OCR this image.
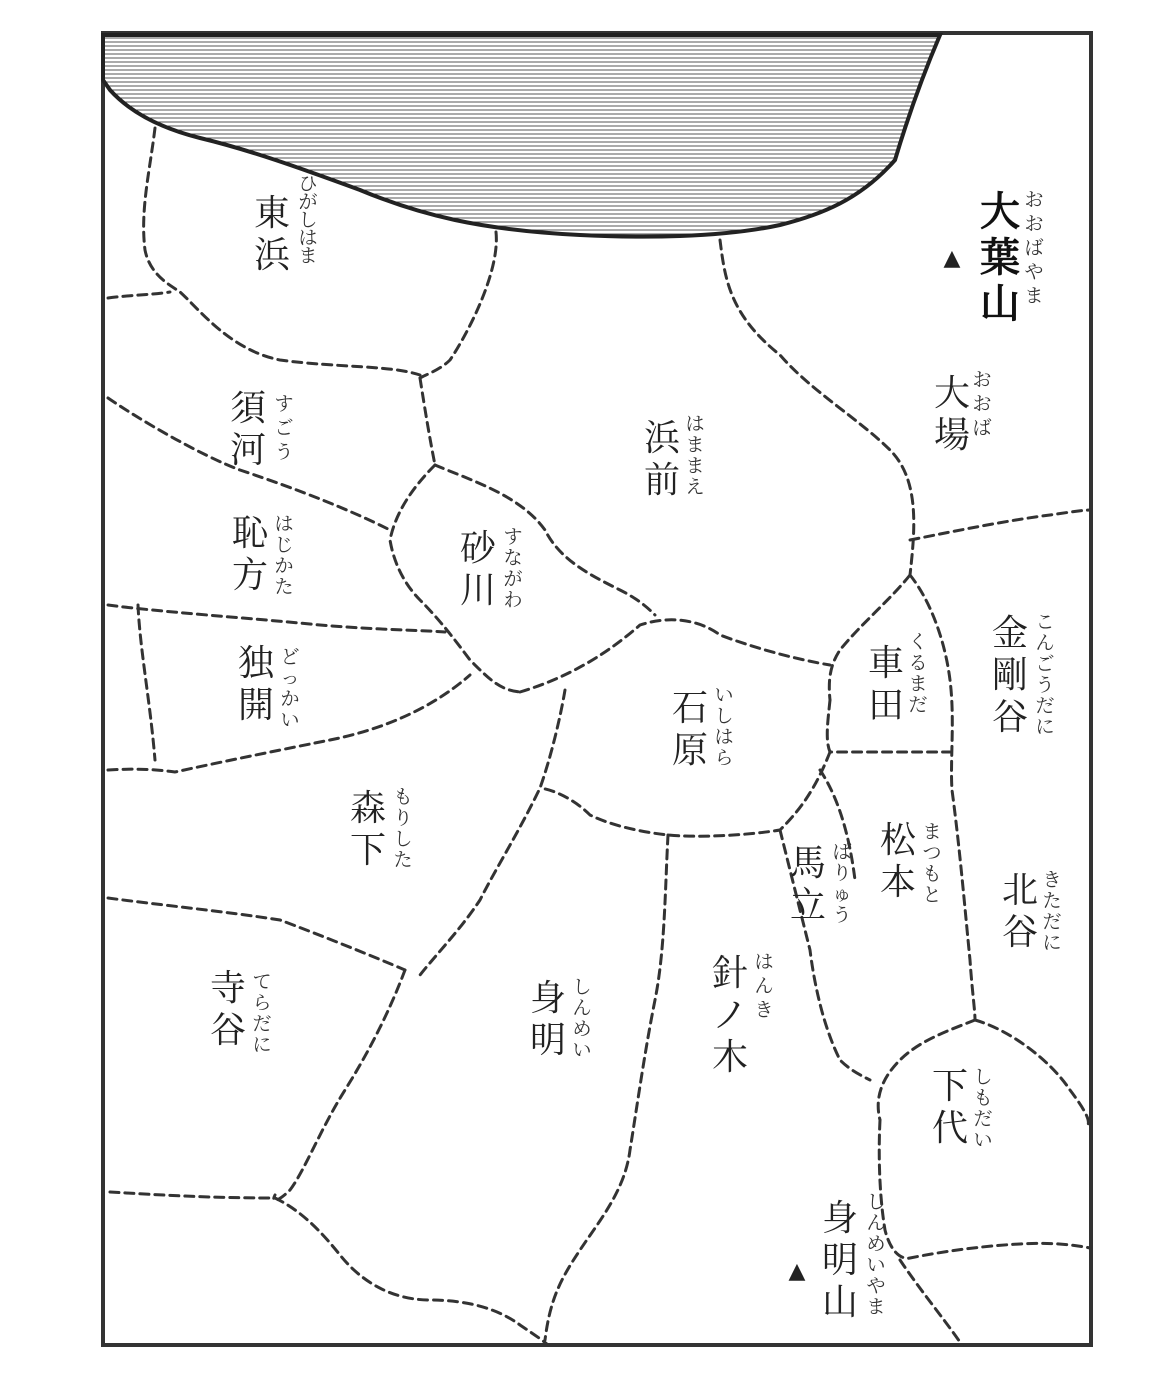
東
浜
ひ
が
し
は
ま
大
葉
山
お
お
ば
や
ま
▲
大
場
お
お
ば
須
河
す
ご
う	浜
前
は
ま
ま
え
恥
方
は
じ
か
た
砂
川
す
な
が
わ
独
開
ど
っ
か
い
車
田
く
る
ま
だ
金
剛
谷
こ
ん
ご
う
だ
に
石
原
い
し
は
ら
森
下
も
り
し
た	松
本
ま
つ
も
と
馬
立
ば
り
ゅ
う
北
谷
き
た
だ
に
寺
谷
て
ら
だ
に
身
明
し
ん
め
い
針
ノ
木
は
ん
き
下
代
し
も
だ
い
身
明
山
し
ん
め
い
や
ま
▲
